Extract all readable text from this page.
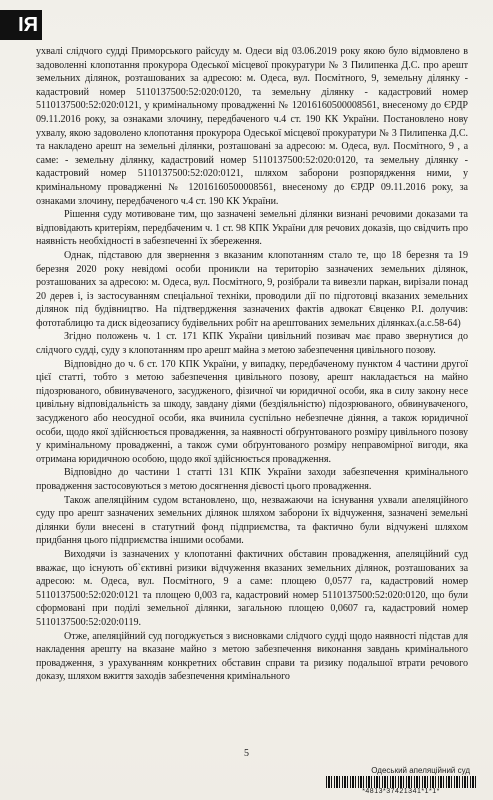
ІЯ

ухвалі слідчого судді Приморського райсуду м. Одеси від 03.06.2019 року якою було відмовлено в задоволенні клопотання прокурора Одеської місцевої прокуратури № 3 Пилипенка Д.С. про арешт земельних ділянок, розташованих за адресою: м. Одеса, вул. Посмітного, 9, земельну ділянку - кадастровий номер 5110137500:52:020:0120, та земельну ділянку - кадастровий номер 5110137500:52:020:0121, у кримінальному провадженні № 12016160500008561, внесеному до ЄРДР 09.11.2016 року, за ознаками злочину, передбаченого ч.4 ст. 190 КК України. Постановлено нову ухвалу, якою задоволено клопотання прокурора Одеської місцевої прокуратури № 3 Пилипенка Д.С. та накладено арешт на земельні ділянки, розташовані за адресою: м. Одеса, вул. Посмітного, 9 , а саме: - земельну ділянку, кадастровий номер 5110137500:52:020:0120, та земельну ділянку - кадастровий номер 5110137500:52:020:0121, шляхом заборони розпорядження ними, у кримінальному провадженні № 12016160500008561, внесеному до ЄРДР 09.11.2016 року, за ознаками злочину, передбаченого ч.4 ст. 190 КК України.

Рішення суду мотивоване тим, що зазначені земельні ділянки визнані речовими доказами та відповідають критеріям, передбаченим ч. 1 ст. 98 КПК України для речових доказів, що свідчить про наявність необхідності в забезпеченні їх збереження.

Однак, підставою для звернення з вказаним клопотанням стало те, що 18 березня та 19 березня 2020 року невідомі особи проникли на територію зазначених земельних ділянок, розташованих за адресою: м. Одеса, вул. Посмітного, 9, розібрали та вивезли паркан, вирізали понад 20 дерев і, із застосуванням спеціальної техніки, проводили дії по підготовці вказаних земельних ділянок під будівництво. На підтвердження зазначених фактів адвокат Євценко Р.І. долучив: фототаблицю та диск відеозапису будівельних робіт на арештованих земельних ділянках.(а.с.58-64)

Згідно положень ч. 1 ст. 171 КПК України цивільний позивач має право звернутися до слідчого судді, суду з клопотанням про арешт майна з метою забезпечення цивільного позову.

Відповідно до ч. 6 ст. 170 КПК України, у випадку, передбаченому пунктом 4 частини другої цієї статті, тобто з метою забезпечення цивільного позову, арешт накладається на майно підозрюваного, обвинуваченого, засудженого, фізичної чи юридичної особи, яка в силу закону несе цивільну відповідальність за шкоду, завдану діями (бездіяльністю) підозрюваного, обвинуваченого, засудженого або неосудної особи, яка вчинила суспільно небезпечне діяння, а також юридичної особи, щодо якої здійснюється провадження, за наявності обґрунтованого розміру цивільного позову у кримінальному провадженні, а також суми обґрунтованого розміру неправомірної вигоди, яка отримана юридичною особою, щодо якої здійснюється провадження.

Відповідно до частини 1 статті 131 КПК України заходи забезпечення кримінального провадження застосовуються з метою досягнення дієвості цього провадження.

Також апеляційним судом встановлено, що, незважаючи на існування ухвали апеляційного суду про арешт зазначених земельних ділянок шляхом заборони їх відчуження, зазначені земельні ділянки були внесені в статутний фонд підприємства, та фактично були відчужені шляхом придбання цього підприємства іншими особами.

Виходячи із зазначених у клопотанні фактичних обставин провадження, апеляційний суд вважає, що існують об`єктивні ризики відчуження вказаних земельних ділянок, розташованих за адресою: м. Одеса, вул. Посмітного, 9 а саме: площею 0,0577 га, кадастровий номер 5110137500:52:020:0121 та площею 0,003 га, кадастровий номер 5110137500:52:020:0120, що були сформовані при поділі земельної ділянки, загальною площею 0,0607 га, кадастровий номер 5110137500:52:020:0119.

Отже, апеляційний суд погоджується з висновками слідчого судді щодо наявності підстав для накладення арешту на вказане майно з метою забезпечення виконання завдань кримінального провадження, з урахуванням конкретних обставин справи та ризику подальшої втрати речового доказу, шляхом вжиття заходів забезпечення кримінального

5
Одеський апеляційний суд
*4813*37421341*1*1*
